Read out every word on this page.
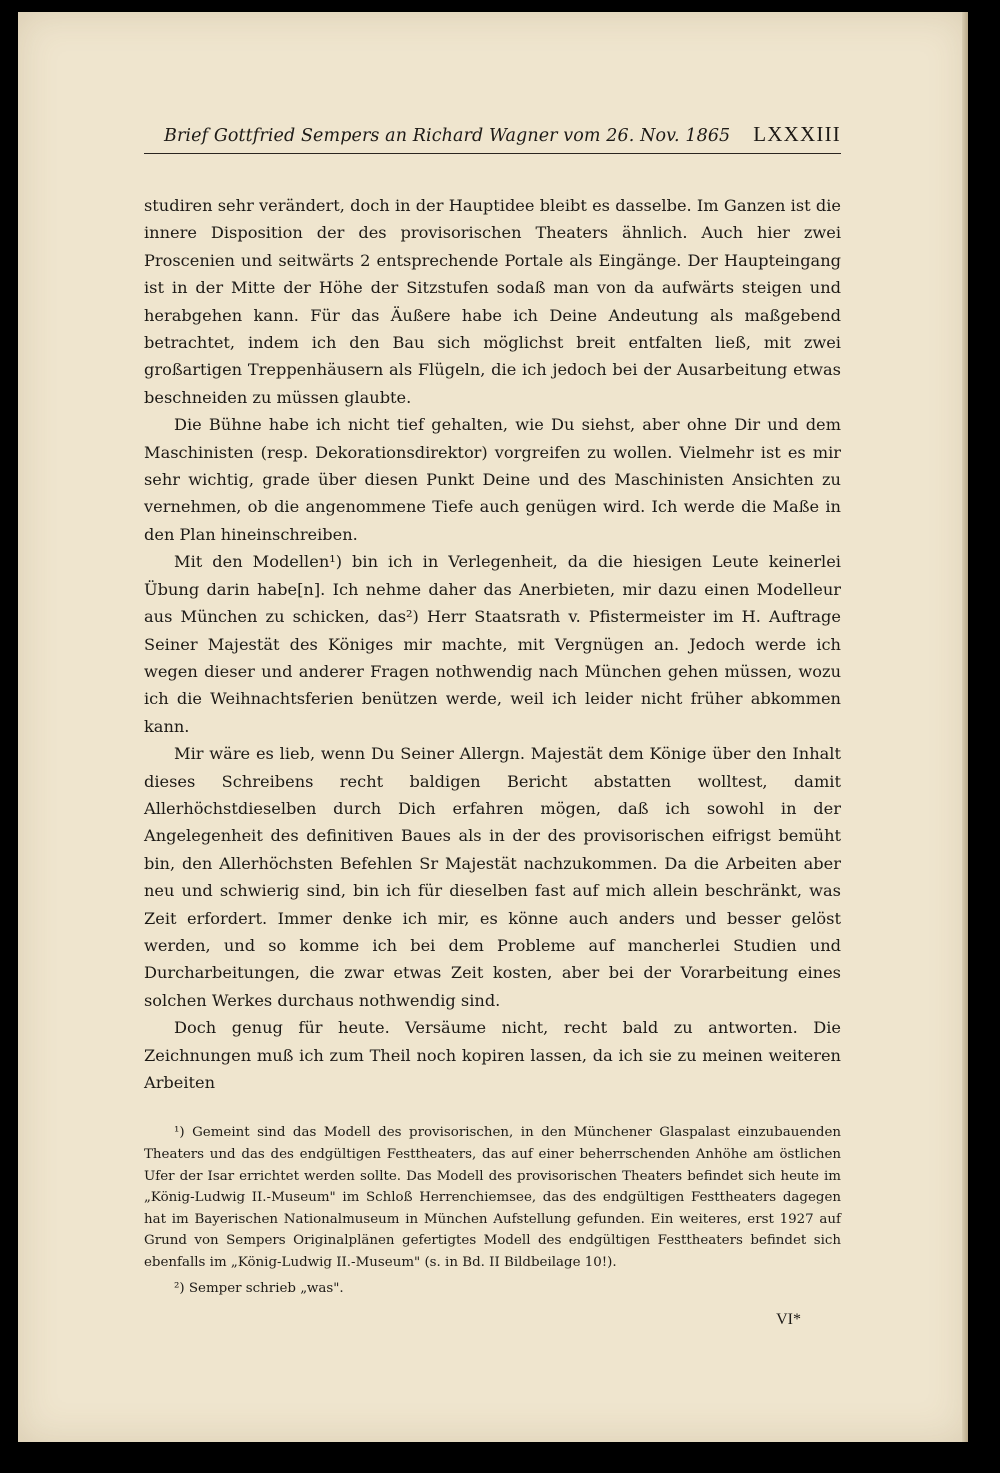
Brief Gottfried Sempers an Richard Wagner vom 26. Nov. 1865 LXXXIII

studiren sehr verändert, doch in der Hauptidee bleibt es dasselbe. Im Ganzen ist die innere Disposition der des provisorischen Theaters ähnlich. Auch hier zwei Proscenien und seitwärts 2 entsprechende Portale als Eingänge. Der Haupteingang ist in der Mitte der Höhe der Sitzstufen sodaß man von da aufwärts steigen und herabgehen kann. Für das Äußere habe ich Deine Andeutung als maßgebend betrachtet, indem ich den Bau sich möglichst breit entfalten ließ, mit zwei großartigen Treppenhäusern als Flügeln, die ich jedoch bei der Ausarbeitung etwas beschneiden zu müssen glaubte.

Die Bühne habe ich nicht tief gehalten, wie Du siehst, aber ohne Dir und dem Maschinisten (resp. Dekorationsdirektor) vorgreifen zu wollen. Vielmehr ist es mir sehr wichtig, grade über diesen Punkt Deine und des Maschinisten Ansichten zu vernehmen, ob die angenommene Tiefe auch genügen wird. Ich werde die Maße in den Plan hineinschreiben.

Mit den Modellen¹) bin ich in Verlegenheit, da die hiesigen Leute keinerlei Übung darin habe[n]. Ich nehme daher das Anerbieten, mir dazu einen Modelleur aus München zu schicken, das²) Herr Staatsrath v. Pfistermeister im H. Auftrage Seiner Majestät des Königes mir machte, mit Vergnügen an. Jedoch werde ich wegen dieser und anderer Fragen nothwendig nach München gehen müssen, wozu ich die Weihnachtsferien benützen werde, weil ich leider nicht früher abkommen kann.

Mir wäre es lieb, wenn Du Seiner Allergn. Majestät dem Könige über den Inhalt dieses Schreibens recht baldigen Bericht abstatten wolltest, damit Allerhöchstdieselben durch Dich erfahren mögen, daß ich sowohl in der Angelegenheit des definitiven Baues als in der des provisorischen eifrigst bemüht bin, den Allerhöchsten Befehlen Sr Majestät nachzukommen. Da die Arbeiten aber neu und schwierig sind, bin ich für dieselben fast auf mich allein beschränkt, was Zeit erfordert. Immer denke ich mir, es könne auch anders und besser gelöst werden, und so komme ich bei dem Probleme auf mancherlei Studien und Durcharbeitungen, die zwar etwas Zeit kosten, aber bei der Vorarbeitung eines solchen Werkes durchaus nothwendig sind.

Doch genug für heute. Versäume nicht, recht bald zu antworten. Die Zeichnungen muß ich zum Theil noch kopiren lassen, da ich sie zu meinen weiteren Arbeiten

¹) Gemeint sind das Modell des provisorischen, in den Münchener Glaspalast einzubauenden Theaters und das des endgültigen Festtheaters, das auf einer beherrschenden Anhöhe am östlichen Ufer der Isar errichtet werden sollte. Das Modell des provisorischen Theaters befindet sich heute im „König-Ludwig II.-Museum" im Schloß Herrenchiemsee, das des endgültigen Festtheaters dagegen hat im Bayerischen Nationalmuseum in München Aufstellung gefunden. Ein weiteres, erst 1927 auf Grund von Sempers Originalplänen gefertigtes Modell des endgültigen Festtheaters befindet sich ebenfalls im „König-Ludwig II.-Museum" (s. in Bd. II Bildbeilage 10!).

²) Semper schrieb „was".

VI*
